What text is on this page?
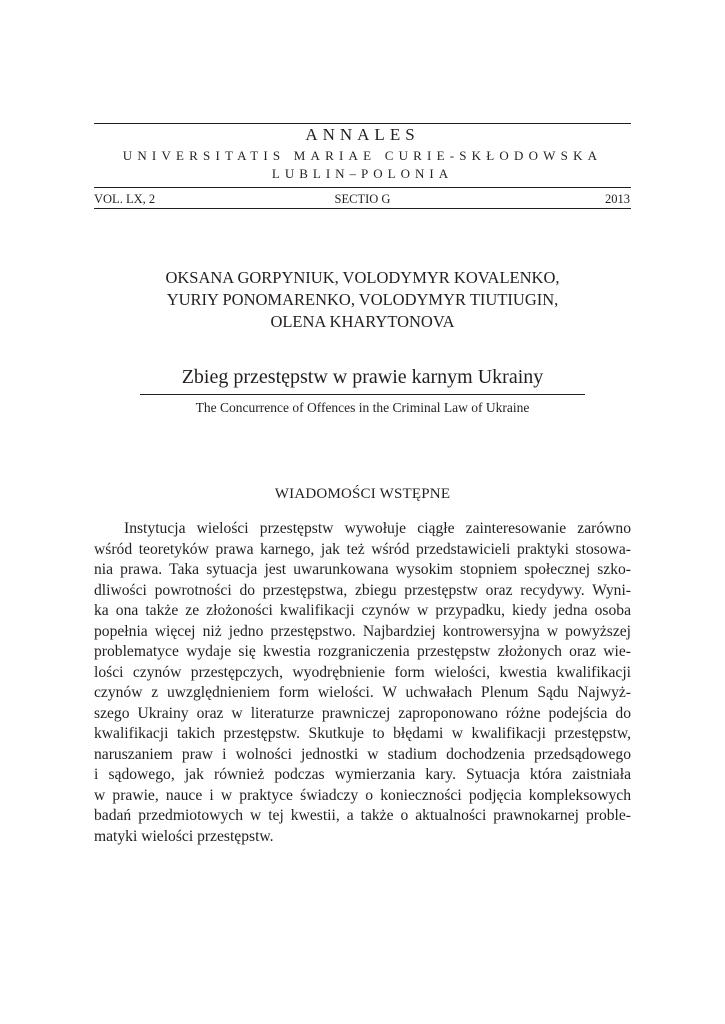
ANNALES
UNIVERSITATIS MARIAE CURIE-SKŁODOWSKA
LUBLIN–POLONIA
VOL. LX, 2	SECTIO G	2013
OKSANA GORPYNIUK, VOLODYMYR KOVALENKO,
YURIY PONOMARENKO, VOLODYMYR TIUTIUGIN,
OLENA KHARYTONOVA
Zbieg przestępstw w prawie karnym Ukrainy
The Concurrence of Offences in the Criminal Law of Ukraine
WIADOMOŚCI WSTĘPNE
Instytucja wielości przestępstw wywołuje ciągłe zainteresowanie zarówno
wśród teoretyków prawa karnego, jak też wśród przedstawicieli praktyki stosowa-
nia prawa. Taka sytuacja jest uwarunkowana wysokim stopniem społecznej szko-
dliwości powrotności do przestępstwa, zbiegu przestępstw oraz recydywy. Wyni-
ka ona także ze złożoności kwalifikacji czynów w przypadku, kiedy jedna osoba
popełnia więcej niż jedno przestępstwo. Najbardziej kontrowersyjna w powyższej
problematyce wydaje się kwestia rozgraniczenia przestępstw złożonych oraz wie-
lości czynów przestępczych, wyodrębnienie form wielości, kwestia kwalifikacji
czynów z uwzględnieniem form wielości. W uchwałach Plenum Sądu Najwyż-
szego Ukrainy oraz w literaturze prawniczej zaproponowano różne podejścia do
kwalifikacji takich przestępstw. Skutkuje to błędami w kwalifikacji przestępstw,
naruszaniem praw i wolności jednostki w stadium dochodzenia przedsądowego
i sądowego, jak również podczas wymierzania kary. Sytuacja która zaistniała
w prawie, nauce i w praktyce świadczy o konieczności podjęcia kompleksowych
badań przedmiotowych w tej kwestii, a także o aktualności prawnokarnej proble-
matyki wielości przestępstw.
